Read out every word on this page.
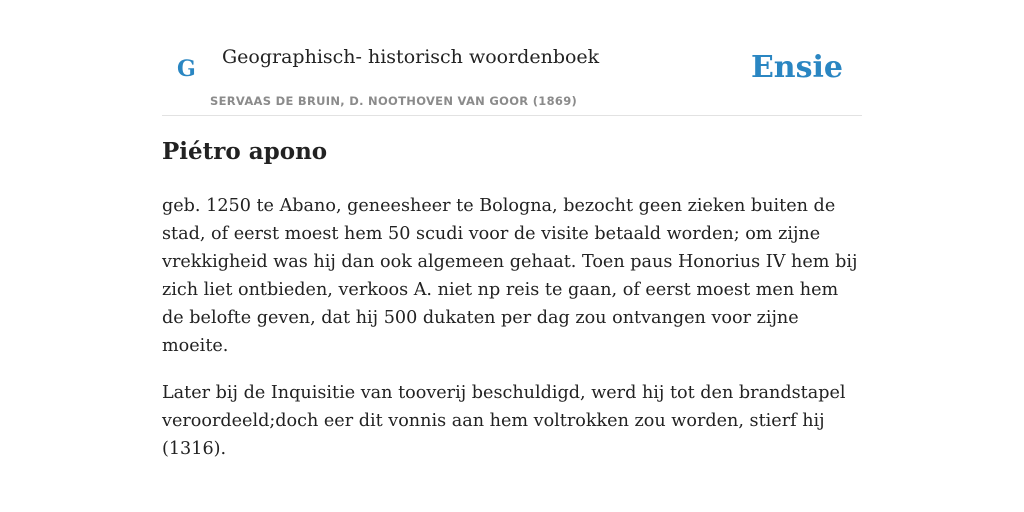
G Geographisch- historisch woordenboek
SERVAAS DE BRUIN, D. NOOTHOVEN VAN GOOR (1869)
Ensie
Piétro apono

geb. 1250 te Abano, geneesheer te Bologna, bezocht geen zieken buiten de stad, of eerst moest hem 50 scudi voor de visite betaald worden; om zijne vrekkigheid was hij dan ook algemeen gehaat. Toen paus Honorius IV hem bij zich liet ontbieden, verkoos A. niet np reis te gaan, of eerst moest men hem de belofte geven, dat hij 500 dukaten per dag zou ontvangen voor zijne moeite.

Later bij de Inquisitie van tooverij beschuldigd, werd hij tot den brandstapel veroordeeld;doch eer dit vonnis aan hem voltrokken zou worden, stierf hij (1316).
